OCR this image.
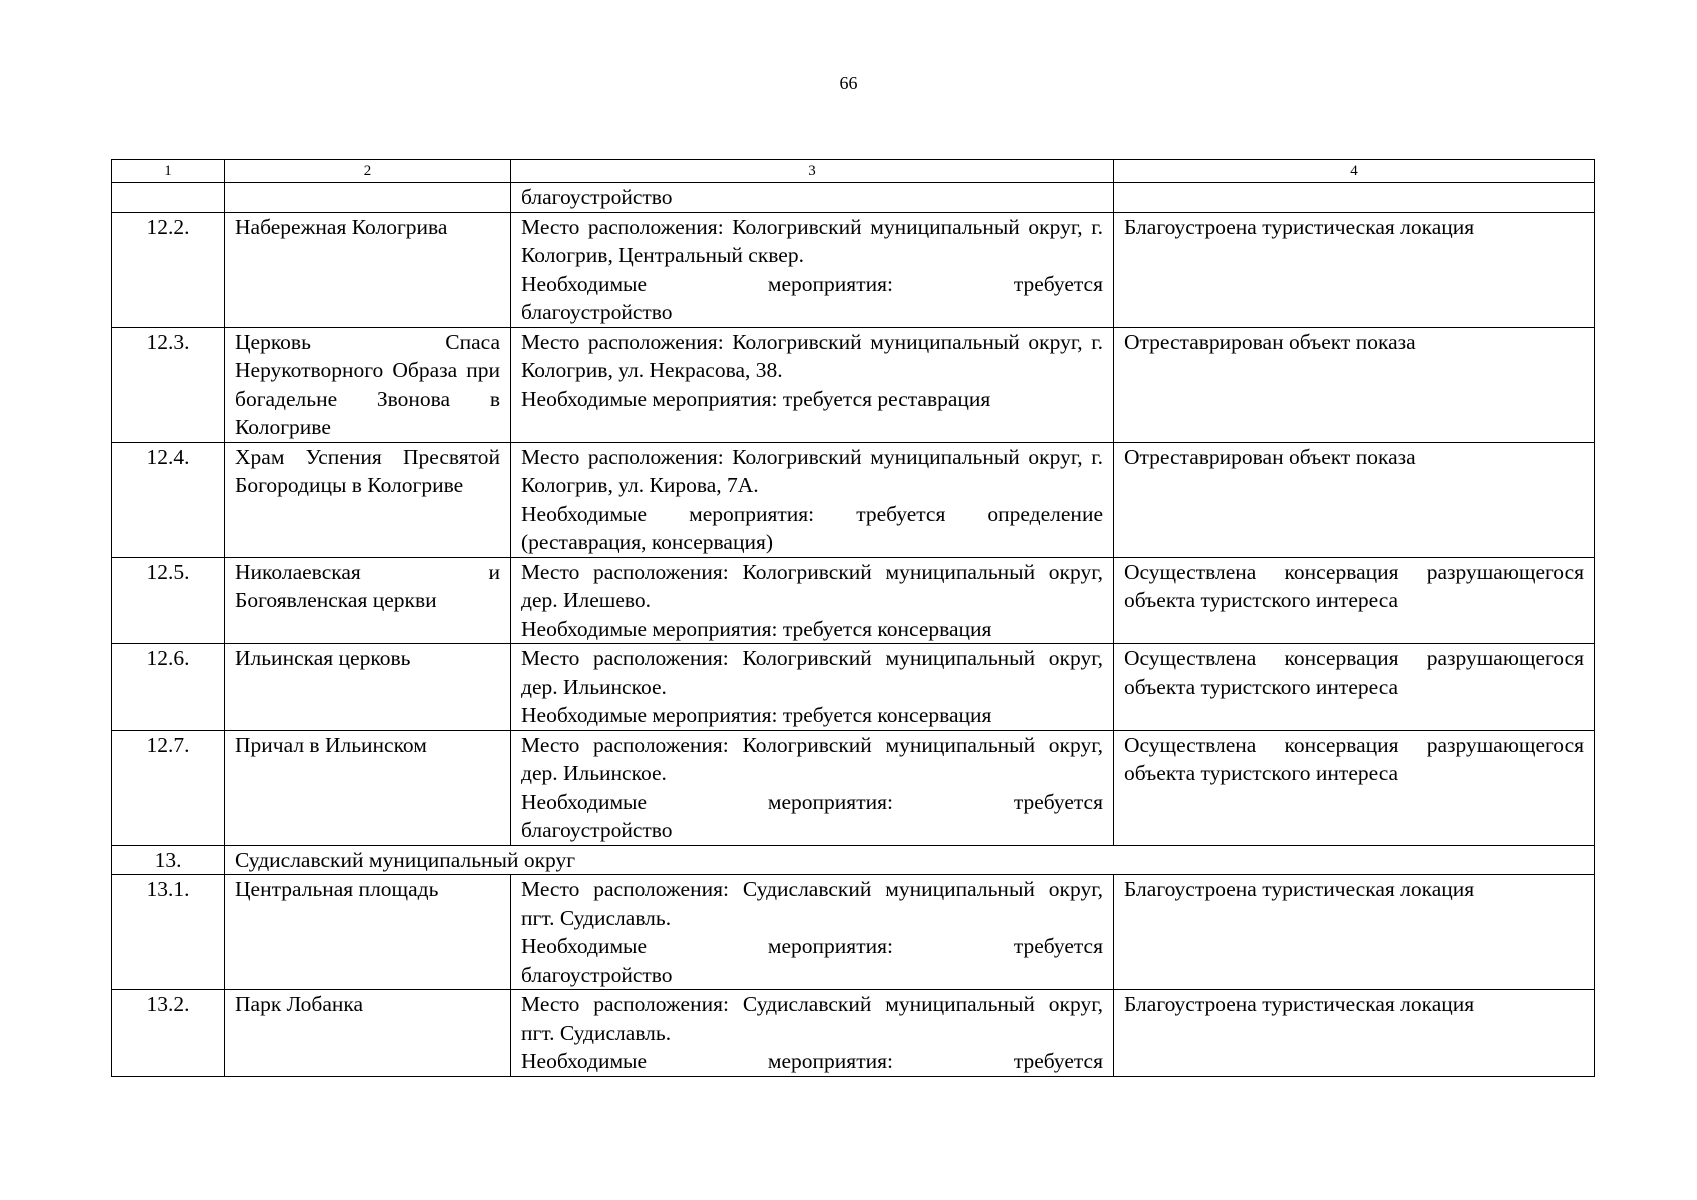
66
1	2	3	4
		благоустройство	
12.2.	Набережная Кологрива	Место расположения: Кологривский муниципальный округ, г. Кологрив, Центральный сквер.
Необходимые мероприятия: требуется
благоустройство	Благоустроена туристическая локация
12.3.	Церковь Спаса Нерукотворного Образа при богадельне Звонова в Кологриве	Место расположения: Кологривский муниципальный округ, г. Кологрив, ул. Некрасова, 38.
Необходимые мероприятия: требуется реставрация	Отреставрирован объект показа
12.4.	Храм Успения Пресвятой Богородицы в Кологриве	Место расположения: Кологривский муниципальный округ, г. Кологрив, ул. Кирова, 7А.
Необходимые мероприятия: требуется определение (реставрация, консервация)	Отреставрирован объект показа
12.5.	Николаевская и Богоявленская церкви	Место расположения: Кологривский муниципальный округ, дер. Илешево.
Необходимые мероприятия: требуется консервация	Осуществлена консервация разрушающегося объекта туристского интереса
12.6.	Ильинская церковь	Место расположения: Кологривский муниципальный округ, дер. Ильинское.
Необходимые мероприятия: требуется консервация	Осуществлена консервация разрушающегося объекта туристского интереса
12.7.	Причал в Ильинском	Место расположения: Кологривский муниципальный округ, дер. Ильинское.
Необходимые мероприятия: требуется
благоустройство	Осуществлена консервация разрушающегося объекта туристского интереса
13.	Судиславский муниципальный округ		
13.1.	Центральная площадь	Место расположения: Судиславский муниципальный округ, пгт. Судиславль.
Необходимые мероприятия: требуется
благоустройство	Благоустроена туристическая локация
13.2.	Парк Лобанка	Место расположения: Судиславский муниципальный округ, пгт. Судиславль.
Необходимые мероприятия: требуется	Благоустроена туристическая локация
